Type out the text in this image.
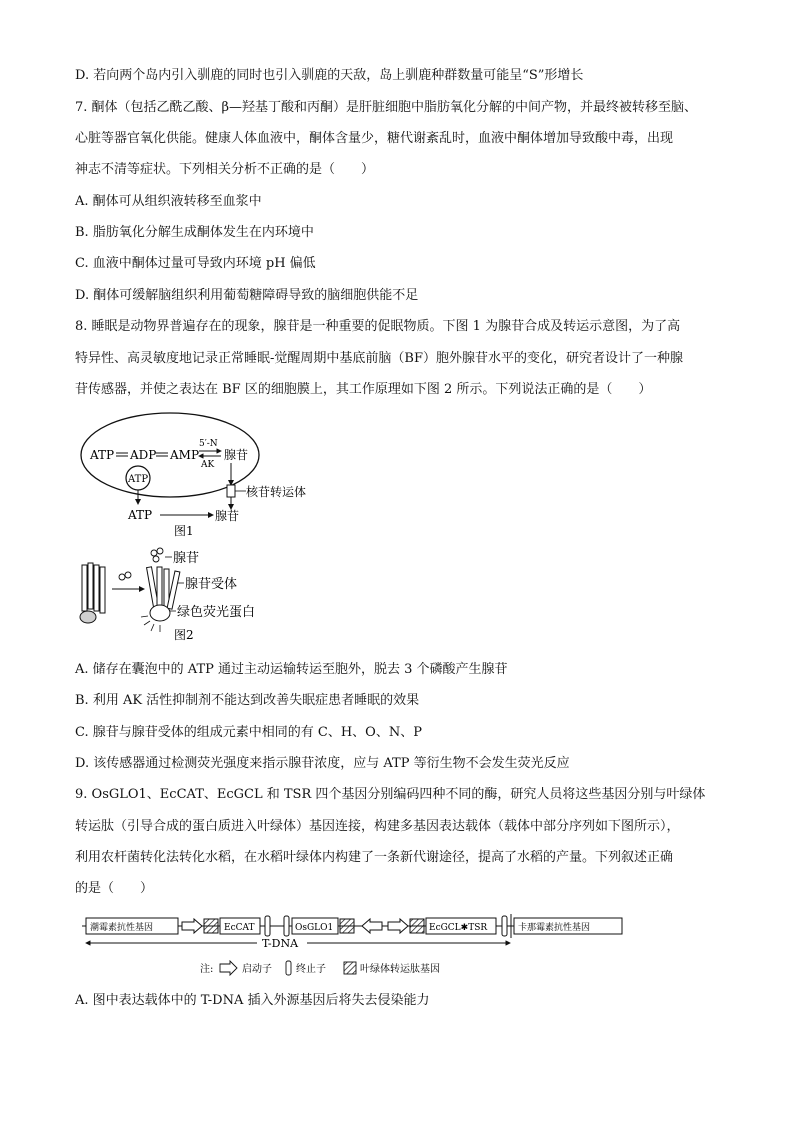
D. 若向两个岛内引入驯鹿的同时也引入驯鹿的天敌，岛上驯鹿种群数量可能呈“S”形增长
7. 酮体（包括乙酰乙酸、β—羟基丁酸和丙酮）是肝脏细胞中脂肪氧化分解的中间产物，并最终被转移至脑、
心脏等器官氧化供能。健康人体血液中，酮体含量少，糖代谢紊乱时，血液中酮体增加导致酸中毒，出现
神志不清等症状。下列相关分析不正确的是（　　）
A. 酮体可从组织液转移至血浆中
B. 脂肪氧化分解生成酮体发生在内环境中
C. 血液中酮体过量可导致内环境 pH 偏低
D. 酮体可缓解脑组织利用葡萄糖障碍导致的脑细胞供能不足
8. 睡眠是动物界普遍存在的现象，腺苷是一种重要的促眠物质。下图 1 为腺苷合成及转运示意图，为了高
特异性、高灵敏度地记录正常睡眠-觉醒周期中基底前脑（BF）胞外腺苷水平的变化，研究者设计了一种腺
苷传感器，并使之表达在 BF 区的细胞膜上，其工作原理如下图 2 所示。下列说法正确的是（　　）
ATP ADP AMP
5′-N
AK
腺苷
ATP
核苷转运体
ATP	腺苷
图1
腺苷
腺苷受体
绿色荧光蛋白
图2
A. 储存在囊泡中的 ATP 通过主动运输转运至胞外，脱去 3 个磷酸产生腺苷
B. 利用 AK 活性抑制剂不能达到改善失眠症患者睡眠的效果
C. 腺苷与腺苷受体的组成元素中相同的有 C、H、O、N、P
D. 该传感器通过检测荧光强度来指示腺苷浓度，应与 ATP 等衍生物不会发生荧光反应
9. OsGLO1、EcCAT、EcGCL 和 TSR 四个基因分别编码四种不同的酶，研究人员将这些基因分别与叶绿体
转运肽（引导合成的蛋白质进入叶绿体）基因连接，构建多基因表达载体（载体中部分序列如下图所示），
利用农杆菌转化法转化水稻，在水稻叶绿体内构建了一条新代谢途径，提高了水稻的产量。下列叙述正确
的是（　　）
潮霉素抗性基因	EcCAT	OsGLO1	EcGCL✱TSR	卡那霉素抗性基因
T-DNA
注:	启动子 终止子	叶绿体转运肽基因
A. 图中表达载体中的 T-DNA 插入外源基因后将失去侵染能力
